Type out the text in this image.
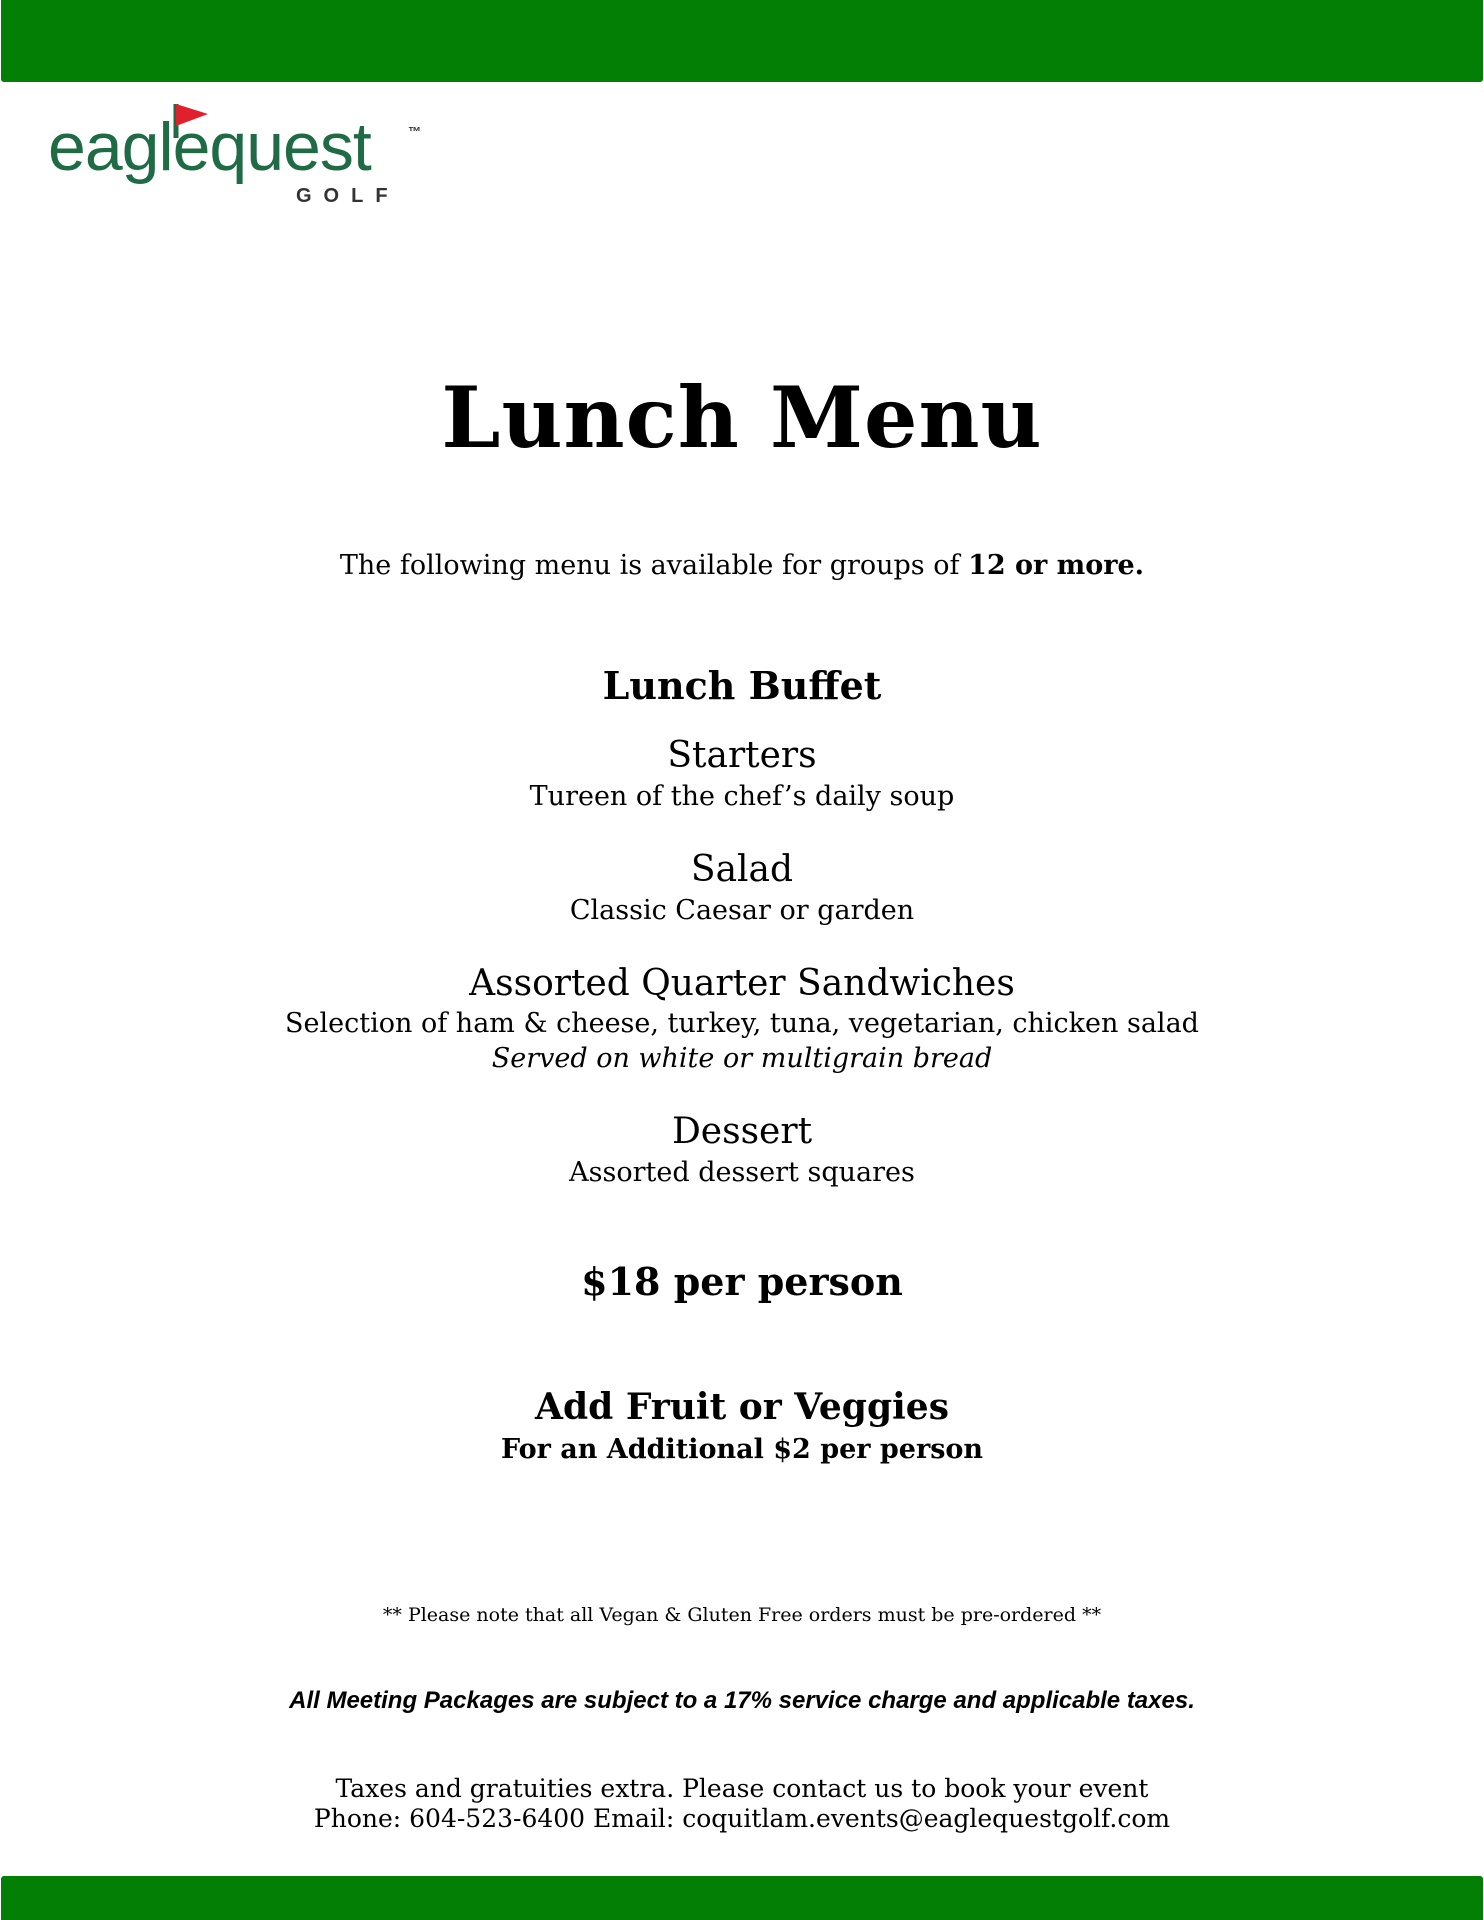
eaglequest	™
GOLF
Lunch Menu
The following menu is available for groups of 12 or more.
Lunch Buffet
Starters
Tureen of the chef’s daily soup
Salad
Classic Caesar or garden
Assorted Quarter Sandwiches
Selection of ham & cheese, turkey, tuna, vegetarian, chicken salad
Served on white or multigrain bread
Dessert
Assorted dessert squares
$18 per person
Add Fruit or Veggies
For an Additional $2 per person
** Please note that all Vegan & Gluten Free orders must be pre-ordered **
All Meeting Packages are subject to a 17% service charge and applicable taxes.
Taxes and gratuities extra. Please contact us to book your event
Phone: 604-523-6400 Email: coquitlam.events@eaglequestgolf.com
